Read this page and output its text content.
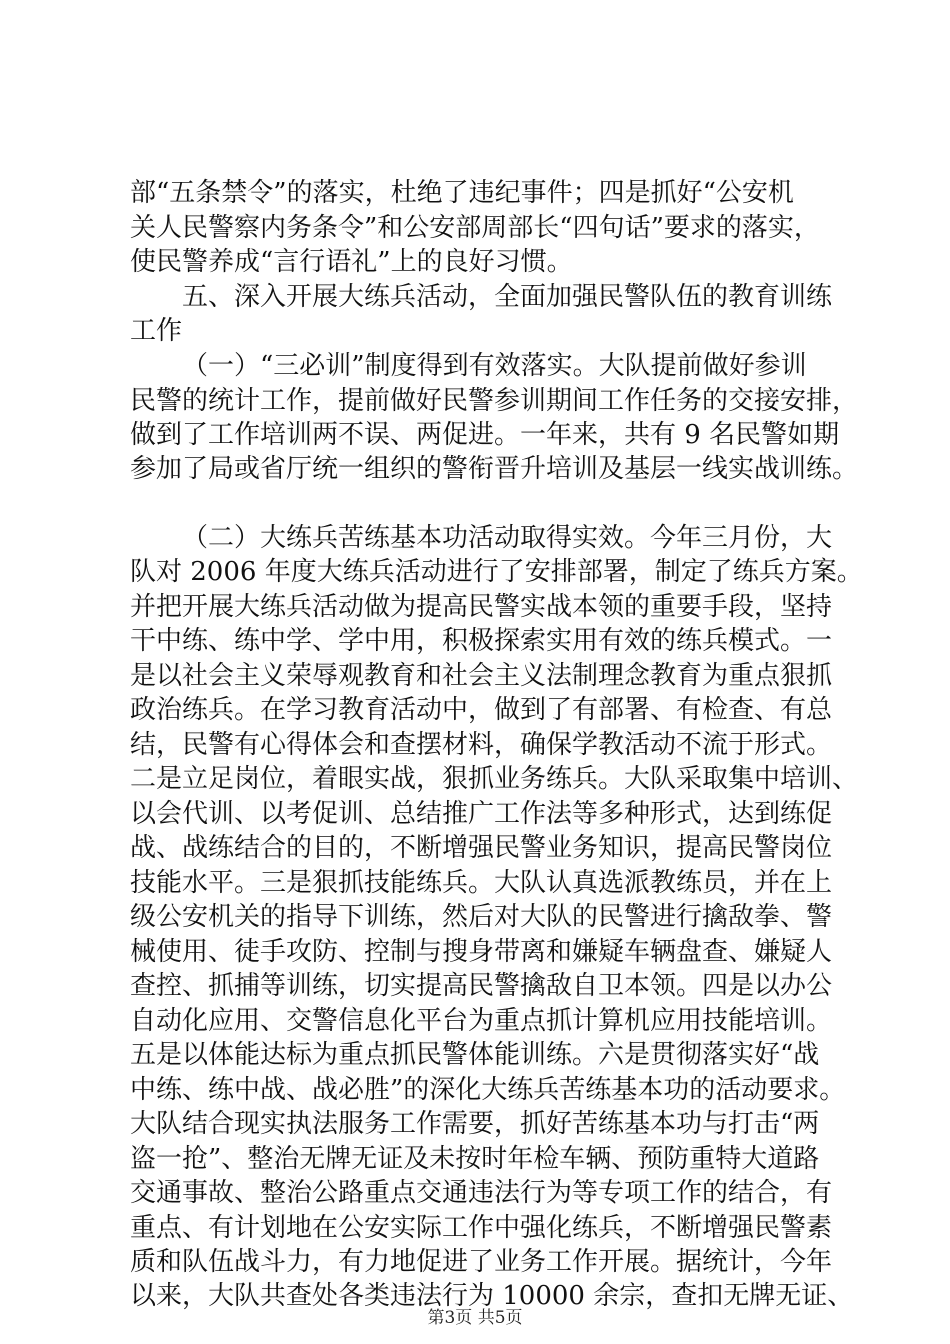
部“五条禁令”的落实，杜绝了违纪事件；四是抓好“公安机
关人民警察内务条令”和公安部周部长“四句话”要求的落实，
使民警养成“言行语礼”上的良好习惯。
五、深入开展大练兵活动，全面加强民警队伍的教育训练
工作
（一）“三必训”制度得到有效落实。大队提前做好参训
民警的统计工作，提前做好民警参训期间工作任务的交接安排，
做到了工作培训两不误、两促进。一年来，共有 9 名民警如期
参加了局或省厅统一组织的警衔晋升培训及基层一线实战训练。
（二）大练兵苦练基本功活动取得实效。今年三月份，大
队对 2006 年度大练兵活动进行了安排部署，制定了练兵方案。
并把开展大练兵活动做为提高民警实战本领的重要手段，坚持
干中练、练中学、学中用，积极探索实用有效的练兵模式。一
是以社会主义荣辱观教育和社会主义法制理念教育为重点狠抓
政治练兵。在学习教育活动中，做到了有部署、有检查、有总
结，民警有心得体会和查摆材料，确保学教活动不流于形式。
二是立足岗位，着眼实战，狠抓业务练兵。大队采取集中培训、
以会代训、以考促训、总结推广工作法等多种形式，达到练促
战、战练结合的目的，不断增强民警业务知识，提高民警岗位
技能水平。三是狠抓技能练兵。大队认真选派教练员，并在上
级公安机关的指导下训练，然后对大队的民警进行擒敌拳、警
械使用、徒手攻防、控制与搜身带离和嫌疑车辆盘查、嫌疑人
查控、抓捕等训练，切实提高民警擒敌自卫本领。四是以办公
自动化应用、交警信息化平台为重点抓计算机应用技能培训。
五是以体能达标为重点抓民警体能训练。六是贯彻落实好“战
中练、练中战、战必胜”的深化大练兵苦练基本功的活动要求。
大队结合现实执法服务工作需要，抓好苦练基本功与打击“两
盗一抢”、整治无牌无证及未按时年检车辆、预防重特大道路
交通事故、整治公路重点交通违法行为等专项工作的结合，有
重点、有计划地在公安实际工作中强化练兵，不断增强民警素
质和队伍战斗力，有力地促进了业务工作开展。据统计，今年
以来，大队共查处各类违法行为 10000 余宗，查扣无牌无证、
第3页 共5页
